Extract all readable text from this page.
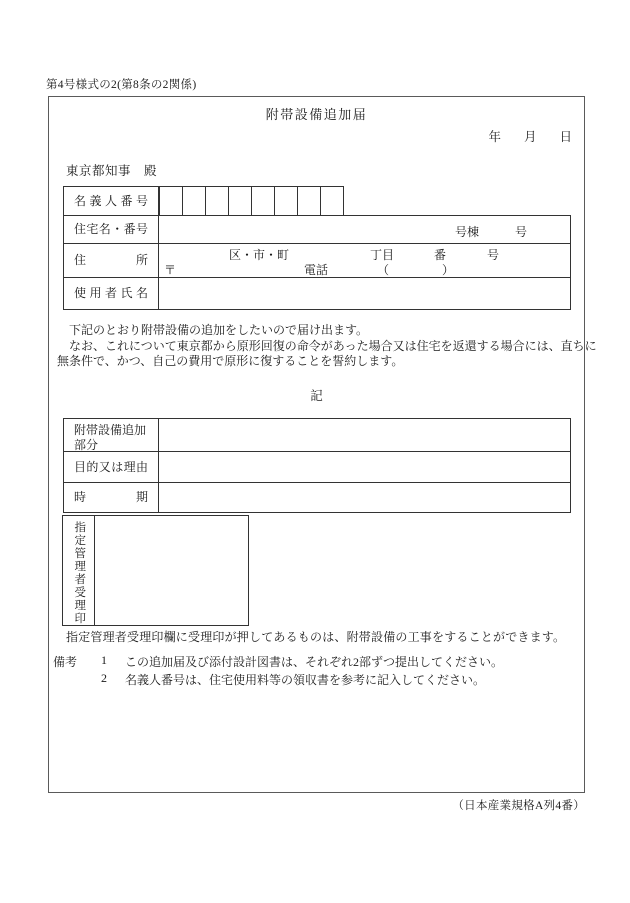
第4号様式の2(第8条の2関係)
附帯設備追加届
年 月 日
東京都知事　殿
名義人番号
住宅名・番号	号棟	号
住所	区・市・町	丁目	番	号
〒	電話	（	）
使用者氏名
　下記のとおり附帯設備の追加をしたいので届け出ます。
　なお、これについて東京都から原形回復の命令があった場合又は住宅を返還する場合には、直ちに
無条件で、かつ、自己の費用で原形に復することを誓約します。
記
附帯設備追加
部分
目的又は理由
時期
指定管理者受理印
指定管理者受理印欄に受理印が押してあるものは、附帯設備の工事をすることができます。
備考 1 この追加届及び添付設計図書は、それぞれ2部ずつ提出してください。
2 名義人番号は、住宅使用料等の領収書を参考に記入してください。
（日本産業規格A列4番）
